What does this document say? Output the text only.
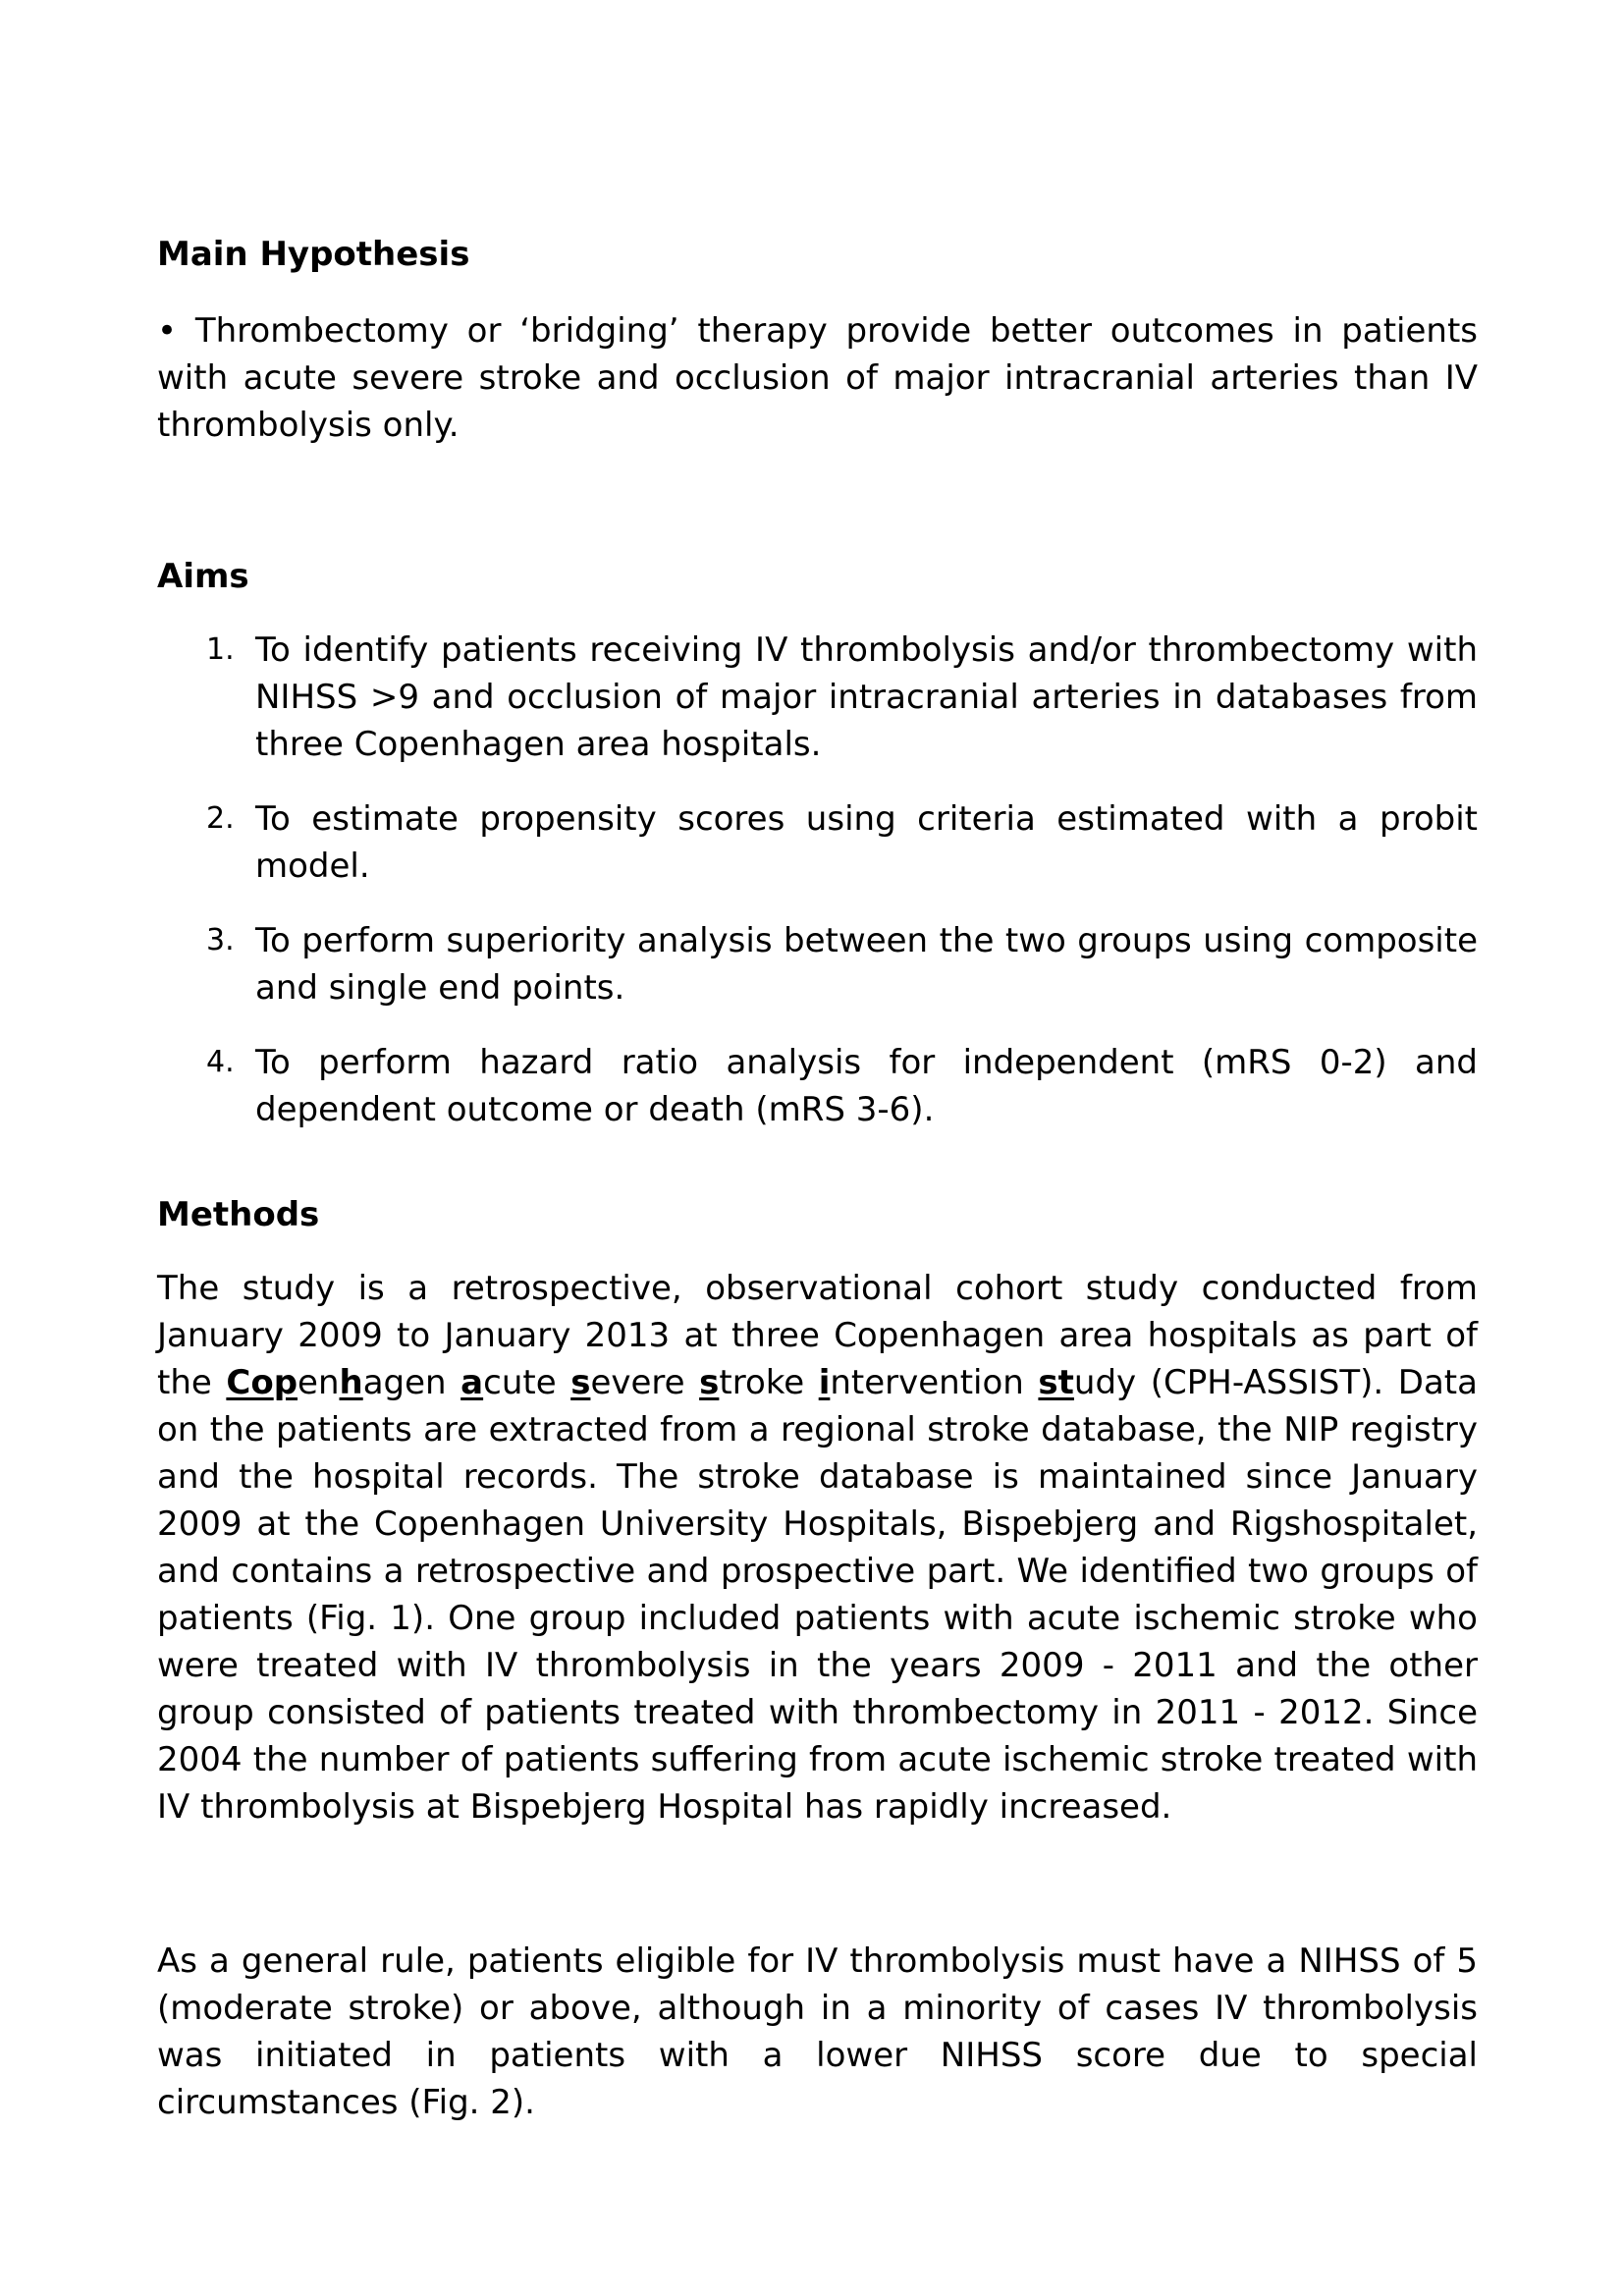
Main Hypothesis

• Thrombectomy or ‘bridging’ therapy provide better outcomes in patients with acute severe stroke and occlusion of major intracranial arteries than IV thrombolysis only.

Aims
1. To identify patients receiving IV thrombolysis and/or thrombectomy with NIHSS >9 and occlusion of major intracranial arteries in databases from three Copenhagen area hospitals.
2. To estimate propensity scores using criteria estimated with a probit model.
3. To perform superiority analysis between the two groups using composite and single end points.
4. To perform hazard ratio analysis for independent (mRS 0-2) and dependent outcome or death (mRS 3-6).
Methods

The study is a retrospective, observational cohort study conducted from January 2009 to January 2013 at three Copenhagen area hospitals as part of the Copenhagen acute severe stroke intervention study (CPH-ASSIST). Data on the patients are extracted from a regional stroke database, the NIP registry and the hospital records. The stroke database is maintained since January 2009 at the Copenhagen University Hospitals, Bispebjerg and Rigshospitalet, and contains a retrospective and prospective part. We identified two groups of patients (Fig. 1). One group included patients with acute ischemic stroke who were treated with IV thrombolysis in the years 2009 - 2011 and the other group consisted of patients treated with thrombectomy in 2011 - 2012. Since 2004 the number of patients suffering from acute ischemic stroke treated with IV thrombolysis at Bispebjerg Hospital has rapidly increased.

As a general rule, patients eligible for IV thrombolysis must have a NIHSS of 5 (moderate stroke) or above, although in a minority of cases IV thrombolysis was initiated in patients with a lower NIHSS score due to special circumstances (Fig. 2).
